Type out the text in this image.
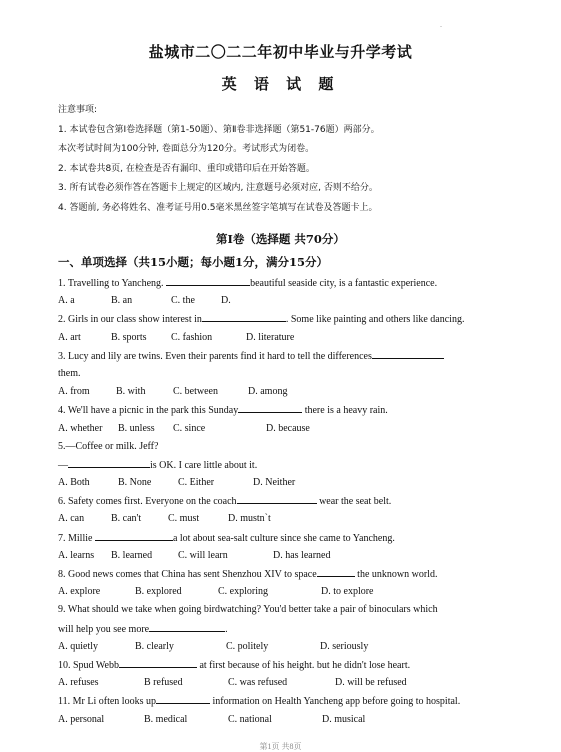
.
盐城市二〇二二年初中毕业与升学考试
英 语 试 题
注意事项:
1. 本试卷包含第Ⅰ卷选择题（第1-50题）、第Ⅱ卷非选择题（第51-76题）两部分。
本次考试时间为100分钟, 卷面总分为120分。考试形式为闭卷。
2. 本试卷共8页, 在检查是否有漏印、重印或错印后在开始答题。
3. 所有试卷必须作答在答题卡上规定的区域内, 注意题号必须对应, 否则不给分。
4. 答题前, 务必将姓名、准考证号用0.5毫米黑丝签字笔填写在试卷及答题卡上。
第Ⅰ卷（选择题 共70分）
一、单项选择（共15小题；每小题1分，满分15分）
1. Travelling to Yancheng.	beautiful seaside city, is a fantastic experience.
A. a	B. an	C. the	D.
2. Girls in our class show interest in	. Some like painting and others like dancing.
A. art	B. sports C. fashion	D. literature
3. Lucy and lily are twins. Even their parents find it hard to tell the differences
them.
A. from	B. with	C. between	D. among
4. We'll have a picnic in the park this Sunday	there is a heavy rain.
A. whether B. unless C. since	D. because
5.—Coffee or milk. Jeff?
—	is OK. I care little about it.
A. Both	B. None	C. Either	D. Neither
6. Safety comes first. Everyone on the coach	wear the seat belt.
A. can	B. can't	C. must	D. mustn`t
7. Millie	a lot about sea-salt culture since she came to Yancheng.
A. learns B. learned	C. will learn	D. has learned
8. Good news comes that China has sent Shenzhou XIV to space	the unknown world.
A. explore	B. explored	C. exploring	D. to explore
9. What should we take when going birdwatching? You'd better take a pair of binoculars which
will help you see more	.
A. quietly	B. clearly	C. politely	D. seriously
10. Spud Webb	at first because of his height. but he didn't lose heart.
A. refuses	B refused	C. was refused	D. will be refused
11. Mr Li often looks up	information on Health Yancheng app before going to hospital.
A. personal	B. medical	C. national	D. musical
第1页 共8页
